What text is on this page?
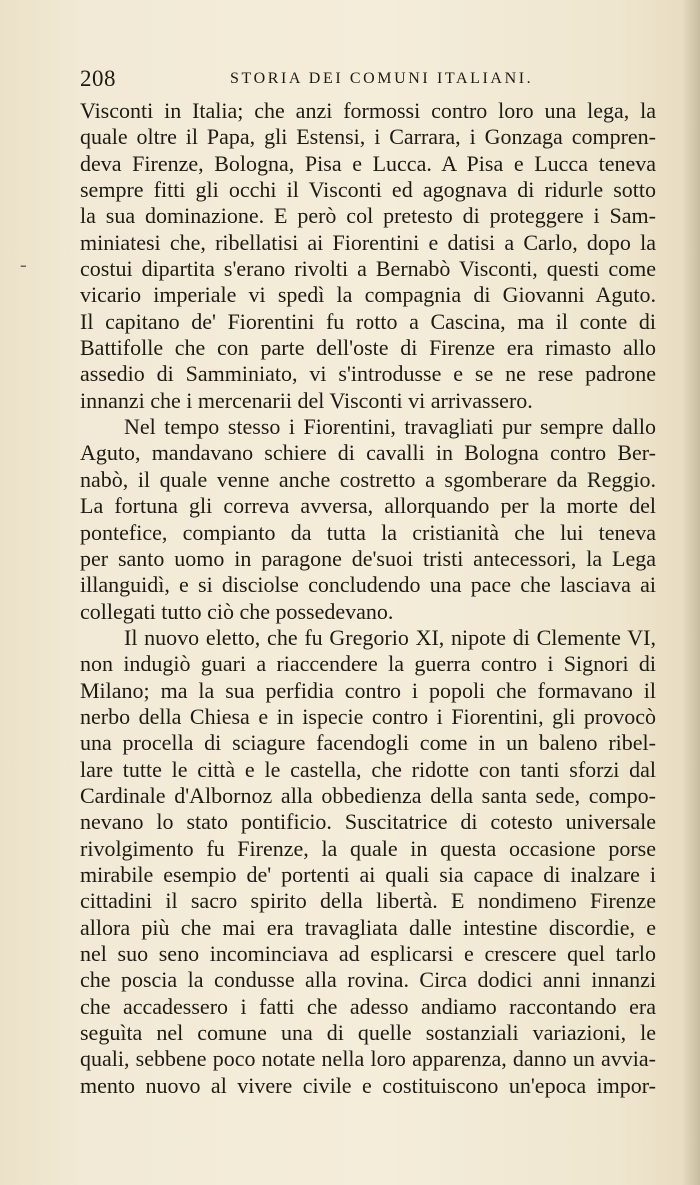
208	STORIA DEI COMUNI ITALIANI.
-
Visconti in Italia; che anzi formossi contro loro una lega, la
quale oltre il Papa, gli Estensi, i Carrara, i Gonzaga compren-
deva Firenze, Bologna, Pisa e Lucca. A Pisa e Lucca teneva
sempre fitti gli occhi il Visconti ed agognava di ridurle sotto
la sua dominazione. E però col pretesto di proteggere i Sam-
miniatesi che, ribellatisi ai Fiorentini e datisi a Carlo, dopo la
costui dipartita s'erano rivolti a Bernabò Visconti, questi come
vicario imperiale vi spedì la compagnia di Giovanni Aguto.
Il capitano de' Fiorentini fu rotto a Cascina, ma il conte di
Battifolle che con parte dell'oste di Firenze era rimasto allo
assedio di Samminiato, vi s'introdusse e se ne rese padrone
innanzi che i mercenarii del Visconti vi arrivassero.
Nel tempo stesso i Fiorentini, travagliati pur sempre dallo
Aguto, mandavano schiere di cavalli in Bologna contro Ber-
nabò, il quale venne anche costretto a sgomberare da Reggio.
La fortuna gli correva avversa, allorquando per la morte del
pontefice, compianto da tutta la cristianità che lui teneva
per santo uomo in paragone de'suoi tristi antecessori, la Lega
illanguidì, e si disciolse concludendo una pace che lasciava ai
collegati tutto ciò che possedevano.
Il nuovo eletto, che fu Gregorio XI, nipote di Clemente VI,
non indugiò guari a riaccendere la guerra contro i Signori di
Milano; ma la sua perfidia contro i popoli che formavano il
nerbo della Chiesa e in ispecie contro i Fiorentini, gli provocò
una procella di sciagure facendogli come in un baleno ribel-
lare tutte le città e le castella, che ridotte con tanti sforzi dal
Cardinale d'Albornoz alla obbedienza della santa sede, compo-
nevano lo stato pontificio. Suscitatrice di cotesto universale
rivolgimento fu Firenze, la quale in questa occasione porse
mirabile esempio de' portenti ai quali sia capace di inalzare i
cittadini il sacro spirito della libertà. E nondimeno Firenze
allora più che mai era travagliata dalle intestine discordie, e
nel suo seno incominciava ad esplicarsi e crescere quel tarlo
che poscia la condusse alla rovina. Circa dodici anni innanzi
che accadessero i fatti che adesso andiamo raccontando era
seguìta nel comune una di quelle sostanziali variazioni, le
quali, sebbene poco notate nella loro apparenza, danno un avvia-
mento nuovo al vivere civile e costituiscono un'epoca impor-
